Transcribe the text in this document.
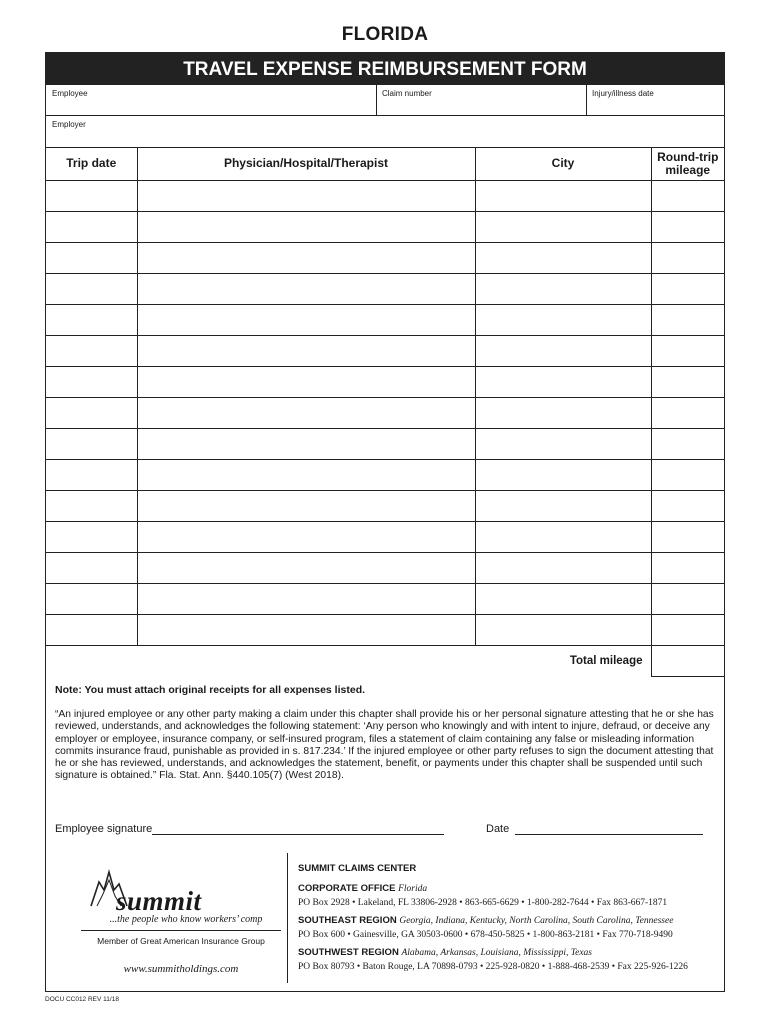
FLORIDA
TRAVEL EXPENSE REIMBURSEMENT FORM
Employee	Claim number	Injury/illness date
Employer
Trip date	Physician/Hospital/Therapist	City	Round-trip mileage

Total mileage			
Note: You must attach original receipts for all expenses listed.
“An injured employee or any other party making a claim under this chapter shall provide his or her personal signature attesting that he or she has reviewed, understands, and acknowledges the following statement: ‘Any person who knowingly and with intent to injure, defraud, or deceive any employer or employee, insurance company, or self-insured program, files a statement of claim containing any false or misleading information commits insurance fraud, punishable as provided in s. 817.234.’ If the injured employee or other party refuses to sign the document attesting that he or she has reviewed, understands, and acknowledges the statement, benefit, or payments under this chapter shall be suspended until such signature is obtained.” Fla. Stat. Ann. §440.105(7) (West 2018).
Employee signature	Date
summit
...the people who know workers’ comp
Member of Great American Insurance Group
www.summitholdings.com
SUMMIT CLAIMS CENTER
CORPORATE OFFICE Florida
PO Box 2928 • Lakeland, FL 33806-2928 • 863-665-6629 • 1-800-282-7644 • Fax 863-667-1871
SOUTHEAST REGION Georgia, Indiana, Kentucky, North Carolina, South Carolina, Tennessee
PO Box 600 • Gainesville, GA 30503-0600 • 678-450-5825 • 1-800-863-2181 • Fax 770-718-9490
SOUTHWEST REGION Alabama, Arkansas, Louisiana, Mississippi, Texas
PO Box 80793 • Baton Rouge, LA 70898-0793 • 225-928-0820 • 1-888-468-2539 • Fax 225-926-1226
DOCU CC012 REV 11/18
